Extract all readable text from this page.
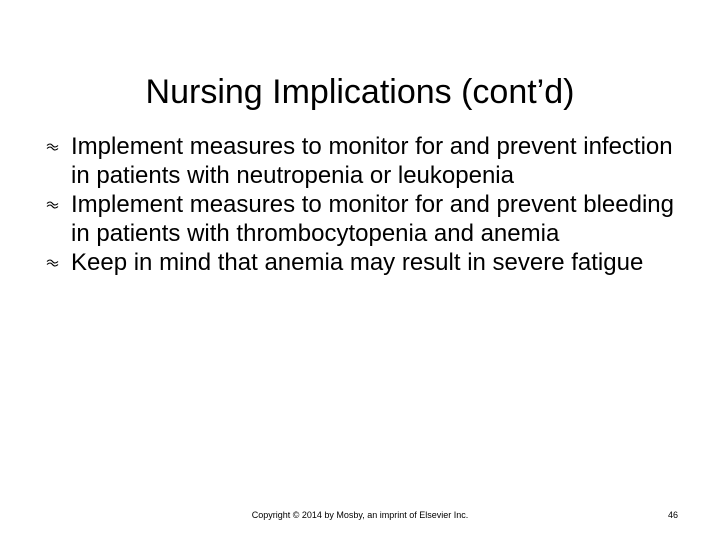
Nursing Implications (cont’d)
Implement measures to monitor for and prevent infection in patients with neutropenia or leukopenia
Implement measures to monitor for and prevent bleeding in patients with thrombocytopenia and anemia
Keep in mind that anemia may result in severe fatigue
Copyright © 2014 by Mosby, an imprint of Elsevier Inc.	46
